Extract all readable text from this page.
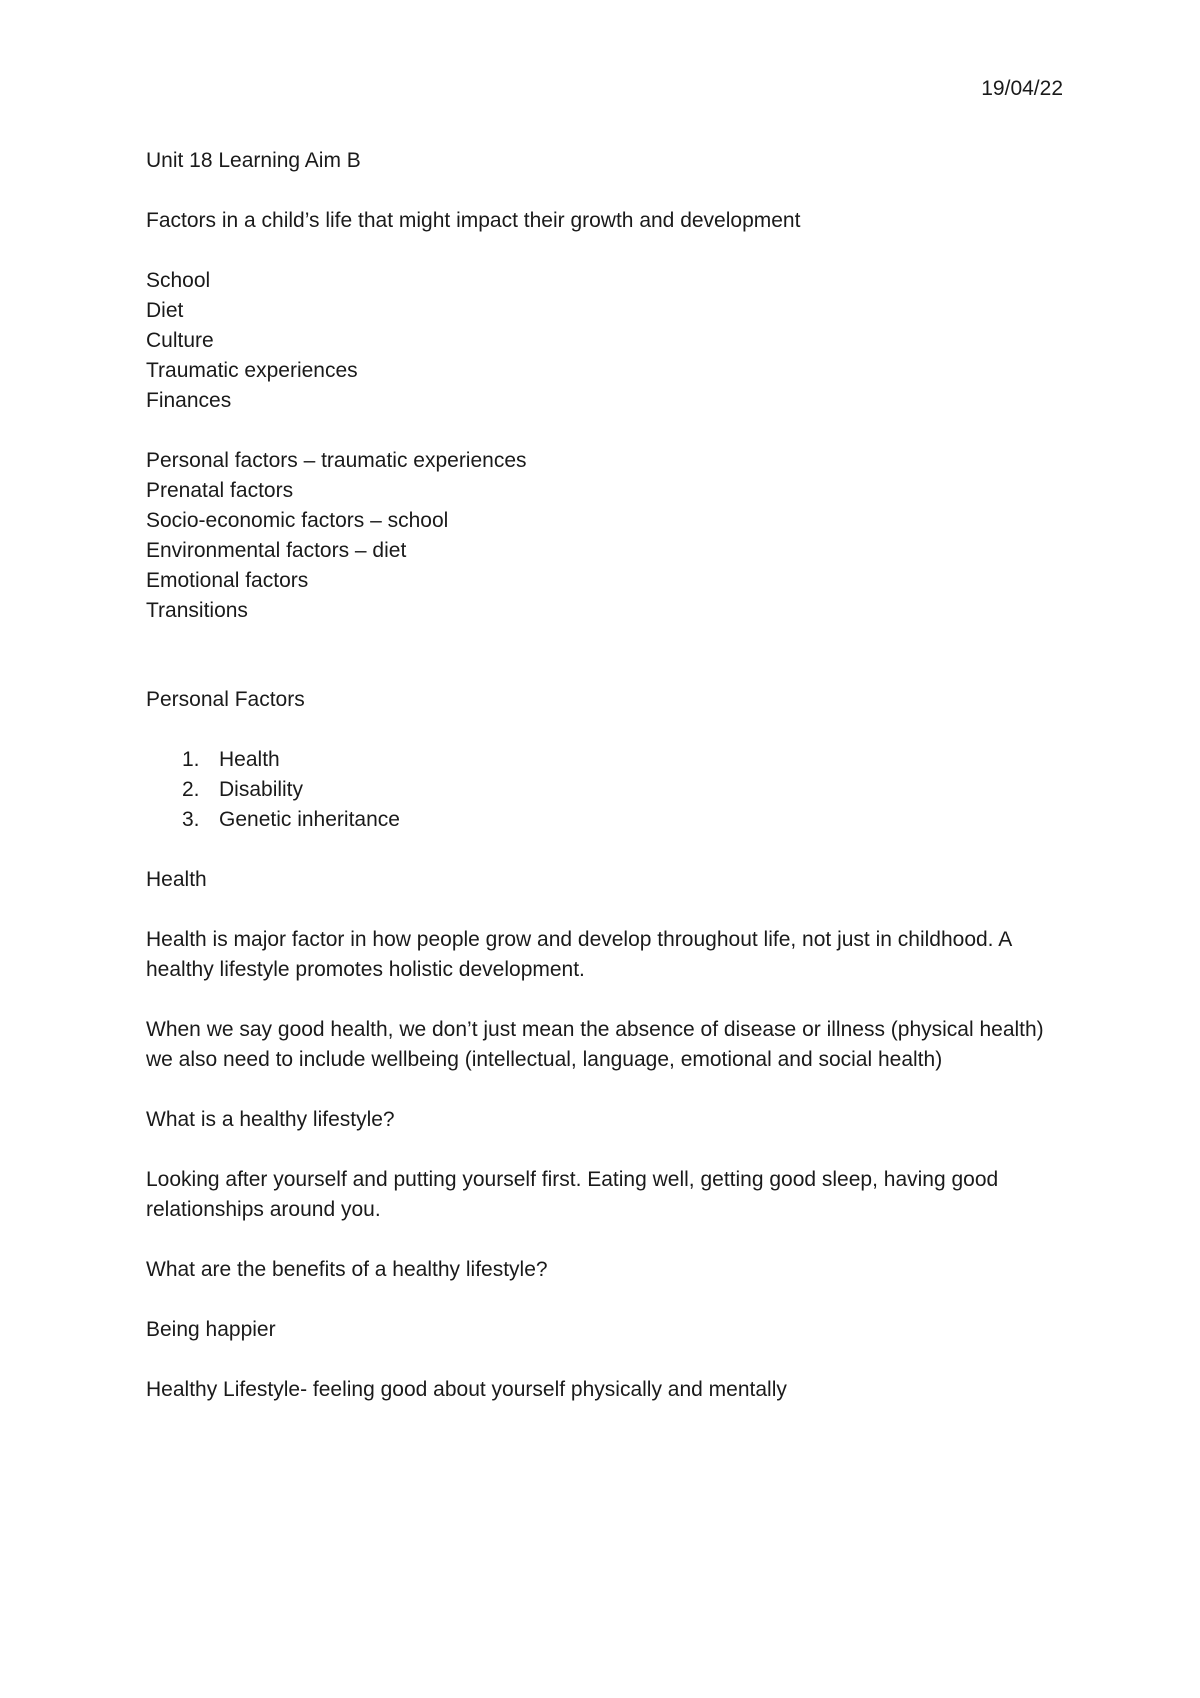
19/04/22

Unit 18 Learning Aim B

Factors in a child’s life that might impact their growth and development

School
Diet
Culture
Traumatic experiences
Finances
Personal factors – traumatic experiences
Prenatal factors
Socio-economic factors – school
Environmental factors – diet
Emotional factors
Transitions

Personal Factors

1. Health
2. Disability
3. Genetic inheritance

Health

Health is major factor in how people grow and develop throughout life, not just in childhood. A healthy lifestyle promotes holistic development.

When we say good health, we don’t just mean the absence of disease or illness (physical health) we also need to include wellbeing (intellectual, language, emotional and social health)

What is a healthy lifestyle?

Looking after yourself and putting yourself first. Eating well, getting good sleep, having good relationships around you.

What are the benefits of a healthy lifestyle?

Being happier

Healthy Lifestyle- feeling good about yourself physically and mentally
